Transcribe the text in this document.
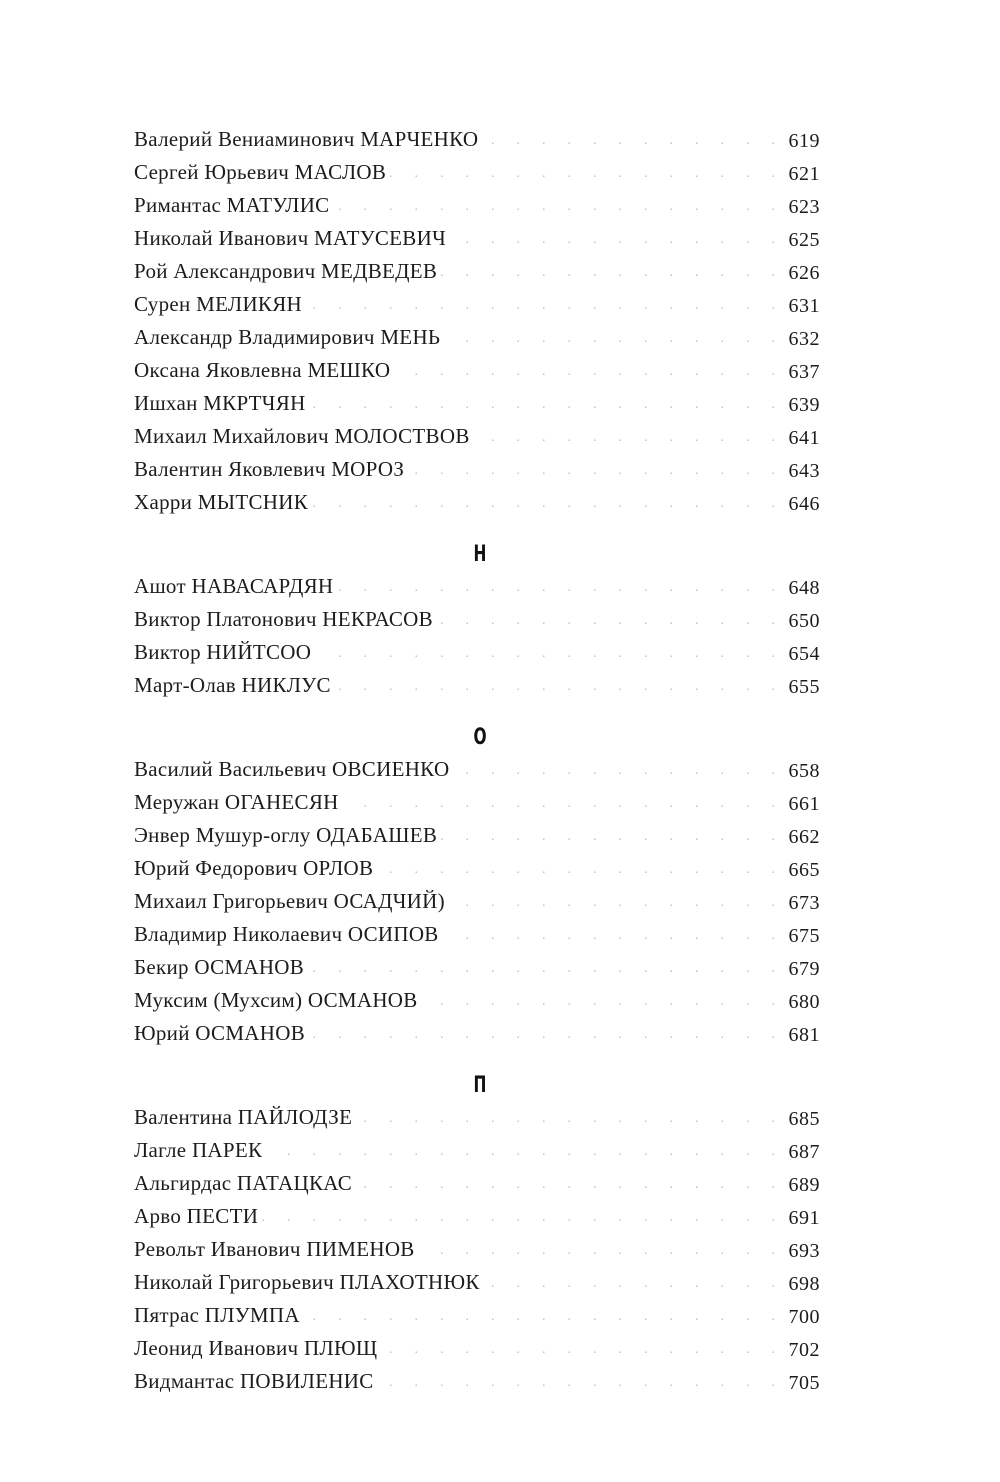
Валерий Вениаминович МАРЧЕНКО . .	619
Сергей Юрьевич МАСЛОВ . .	621
Римантас МАТУЛИС . .	623
Николай Иванович МАТУСЕВИЧ . .	625
Рой Александрович МЕДВЕДЕВ . .	626
Сурен МЕЛИКЯН . .	631
Александр Владимирович МЕНЬ . .	632
Оксана Яковлевна МЕШКО . .	637
Ишхан МКРТЧЯН . .	639
Михаил Михайлович МОЛОСТВОВ . .	641
Валентин Яковлевич МОРОЗ . .	643
Харри МЫТСНИК . .	646
Н
Ашот НАВАСАРДЯН . .	648
Виктор Платонович НЕКРАСОВ . .	650
Виктор НИЙТСОО . .	654
Март-Олав НИКЛУС . .	655
О
Василий Васильевич ОВСИЕНКО . .	658
Меружан ОГАНЕСЯН . .	661
Энвер Мушур-оглу ОДАБАШЕВ . .	662
Юрий Федорович ОРЛОВ . .	665
Михаил Григорьевич ОСАДЧИЙ) . .	673
Владимир Николаевич ОСИПОВ . .	675
Бекир ОСМАНОВ . .	679
Муксим (Мухсим) ОСМАНОВ . .	680
Юрий ОСМАНОВ . .	681
П
Валентина ПАЙЛОДЗЕ . .	685
Лагле ПАРЕК . .	687
Альгирдас ПАТАЦКАС . .	689
Арво ПЕСТИ . .	691
Револьт Иванович ПИМЕНОВ . .	693
Николай Григорьевич ПЛАХОТНЮК . .	698
Пятрас ПЛУМПА . .	700
Леонид Иванович ПЛЮЩ . .	702
Видмантас ПОВИЛЕНИС . .	705
